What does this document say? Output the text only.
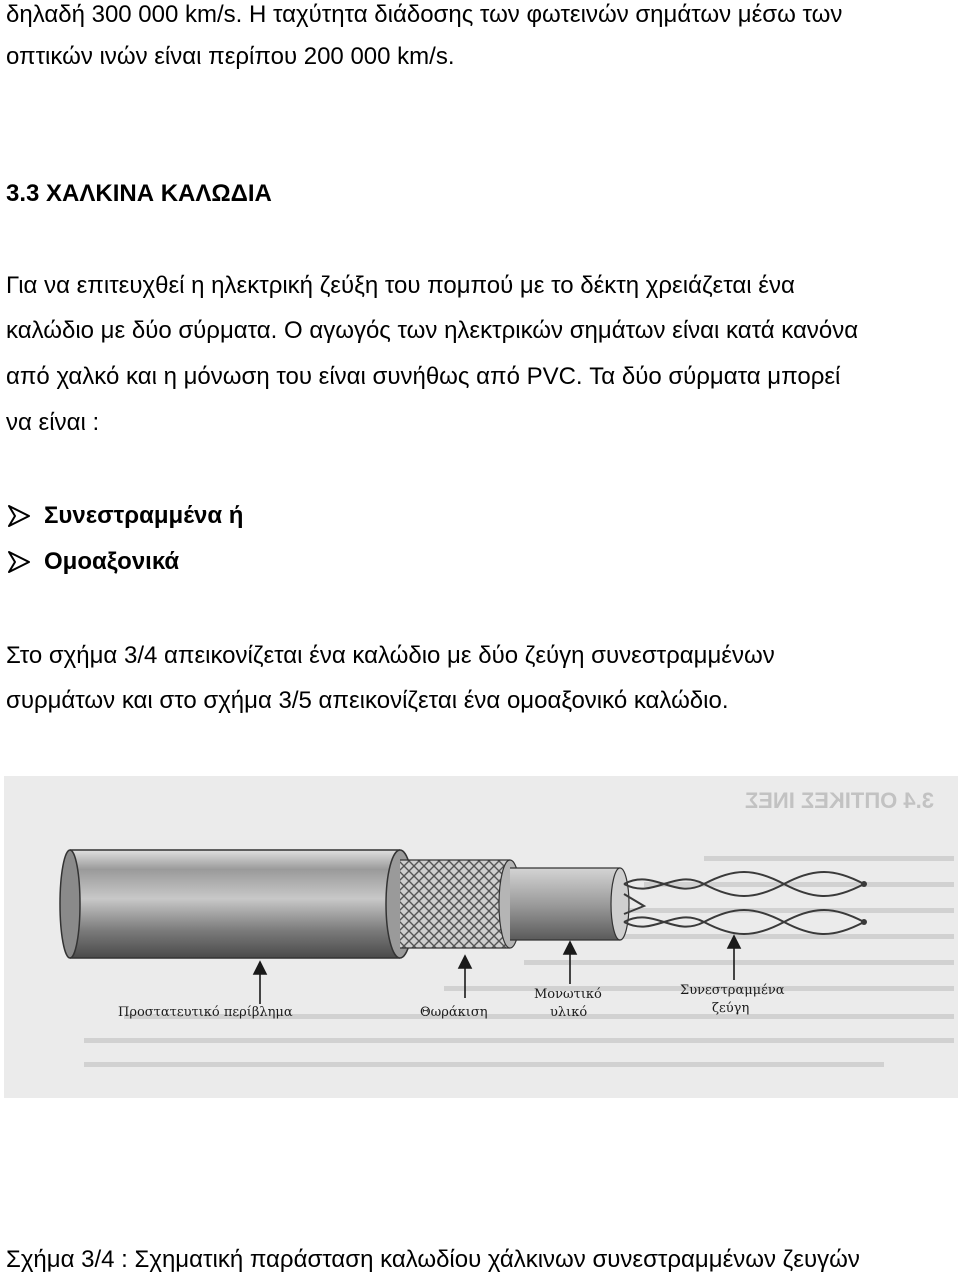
δηλαδή 300 000 km/s. Η ταχύτητα διάδοσης των φωτεινών σημάτων μέσω των
οπτικών ινών είναι περίπου 200 000 km/s.
3.3 ΧΑΛΚΙΝΑ ΚΑΛΩΔΙΑ
Για να επιτευχθεί η ηλεκτρική ζεύξη του πομπού με το δέκτη χρειάζεται ένα
καλώδιο με δύο σύρματα. Ο αγωγός των ηλεκτρικών σημάτων είναι κατά κανόνα
από χαλκό και η μόνωση του είναι συνήθως από PVC. Τα δύο σύρματα μπορεί
να είναι :
Συνεστραμμένα ή
Ομοαξονικά
Στο σχήμα 3/4 απεικονίζεται ένα καλώδιο με δύο ζεύγη συνεστραμμένων
συρμάτων και στο σχήμα 3/5 απεικονίζεται ένα ομοαξονικό καλώδιο.
3.4 ΟΠΤΙΚΕΣ ΙΝΕΣ
Προστατευτικό περίβλημα	Θωράκιση
Μονωτικό
υλικό
Συνεστραμμένα
ζεύγη
Σχήμα 3/4 : Σχηματική παράσταση καλωδίου χάλκινων συνεστραμμένων ζευγών
